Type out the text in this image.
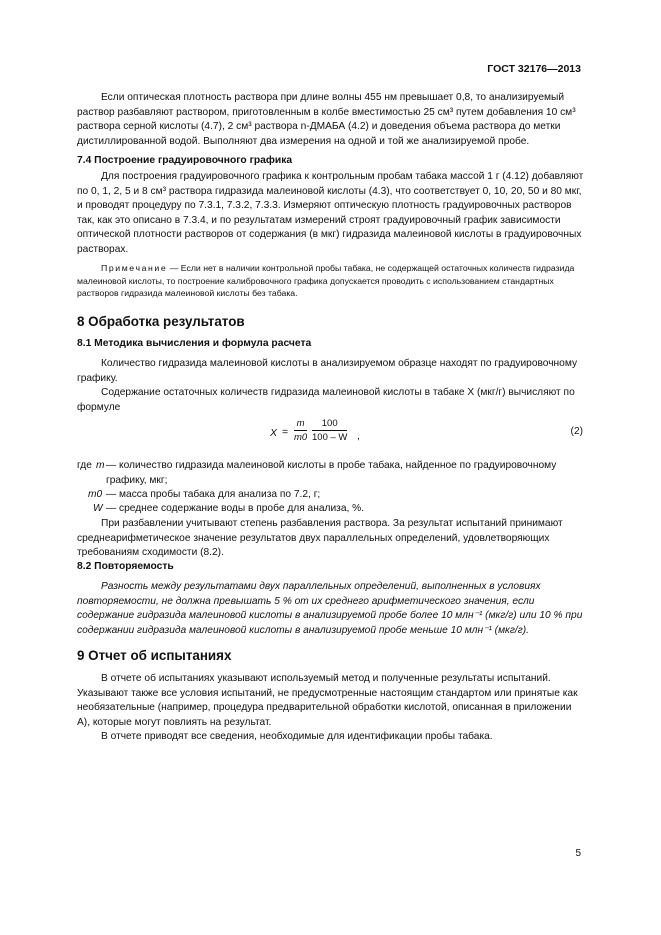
ГОСТ 32176—2013

Если оптическая плотность раствора при длине волны 455 нм превышает 0,8, то анализируемый раствор разбавляют раствором, приготовленным в колбе вместимостью 25 см³ путем добавления 10 см³ раствора серной кислоты (4.7), 2 см³ раствора n-ДМАБА (4.2) и доведения объема раствора до метки дистиллированной водой. Выполняют два измерения на одной и той же анализируемой пробе.

7.4 Построение градуировочного графика

Для построения градуировочного графика к контрольным пробам табака массой 1 г (4.12) добавляют по 0, 1, 2, 5 и 8 см³ раствора гидразида малеиновой кислоты (4.3), что соответствует 0, 10, 20, 50 и 80 мкг, и проводят процедуру по 7.3.1, 7.3.2, 7.3.3. Измеряют оптическую плотность градуировочных растворов так, как это описано в 7.3.4, и по результатам измерений строят градуировочный график зависимости оптической плотности растворов от содержания (в мкг) гидразида малеиновой кислоты в градуировочных растворах.

Примечание — Если нет в наличии контрольной пробы табака, не содержащей остаточных количеств гидразида малеиновой кислоты, то построение калибровочного графика допускается проводить с использованием стандартных растворов гидразида малеиновой кислоты без табака.

8 Обработка результатов

8.1 Методика вычисления и формула расчета

Количество гидразида малеиновой кислоты в анализируемом образце находят по градуировочному графику.

Содержание остаточных количеств гидразида малеиновой кислоты в табаке X (мкг/г) вычисляют по формуле

$X = \frac{m}{m0} \frac{100}{100 - W}$ ,	(2)

где m — количество гидразида малеиновой кислоты в пробе табака, найденное по градуировочному графику, мкг;

m0 — масса пробы табака для анализа по 7.2, г;

W — среднее содержание воды в пробе для анализа, %.

При разбавлении учитывают степень разбавления раствора. За результат испытаний принимают среднеарифметическое значение результатов двух параллельных определений, удовлетворяющих требованиям сходимости (8.2).

8.2 Повторяемость

Разность между результатами двух параллельных определений, выполненных в условиях повторяемости, не должна превышать 5 % от их среднего арифметического значения, если содержание гидразида малеиновой кислоты в анализируемой пробе более 10 млн⁻¹ (мкг/г) или 10 % при содержании гидразида малеиновой кислоты в анализируемой пробе меньше 10 млн⁻¹ (мкг/г).

9 Отчет об испытаниях

В отчете об испытаниях указывают используемый метод и полученные результаты испытаний. Указывают также все условия испытаний, не предусмотренные настоящим стандартом или принятые как необязательные (например, процедура предварительной обработки кислотой, описанная в приложении А), которые могут повлиять на результат.

В отчете приводят все сведения, необходимые для идентификации пробы табака.

5
